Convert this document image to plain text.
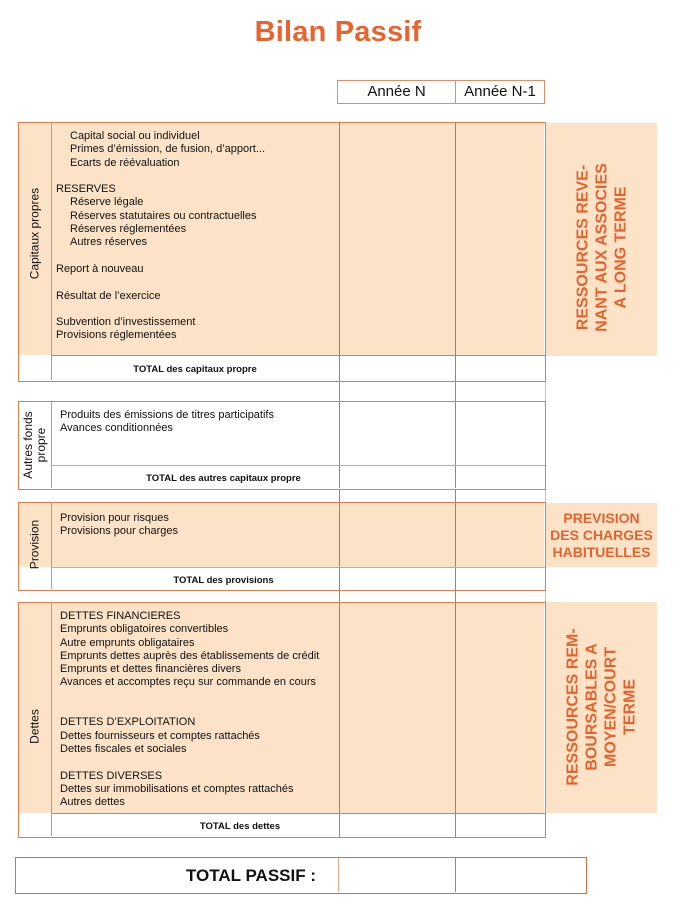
Bilan Passif
Année N	Année N-1
Capitaux propres
Capital social ou individuel
Primes d’émission, de fusion, d’apport...
Ecarts de réévaluation
RESERVES
Réserve légale
Réserves statutaires ou contractuelles
Réserves réglementées
Autres réserves
Report à nouveau
Résultat de l’exercice
Subvention d’investissement
Provisions réglementées
TOTAL des capitaux propre
RESSOURCES REVE- NANT AUX ASSOCIES A LONG TERME
Autres fonds propre
Produits des émissions de titres participatifs
Avances conditionnées
TOTAL des autres capitaux propre
Provision
Provision pour risques
Provisions pour charges
TOTAL des provisions
PREVISION
DES CHARGES
HABITUELLES
Dettes
DETTES FINANCIERES
Emprunts obligatoires convertibles
Autre emprunts obligataires
Emprunts dettes auprès des établissements de crédit
Emprunts et dettes financières divers
Avances et accomptes reçu sur commande en cours
DETTES D’EXPLOITATION
Dettes fournisseurs et comptes rattachés
Dettes fiscales et sociales
DETTES DIVERSES
Dettes sur immobilisations et comptes rattachés
Autres dettes
TOTAL des dettes
RESSOURCES REM- BOURSABLES A MOYEN/COURT TERME
TOTAL PASSIF :
